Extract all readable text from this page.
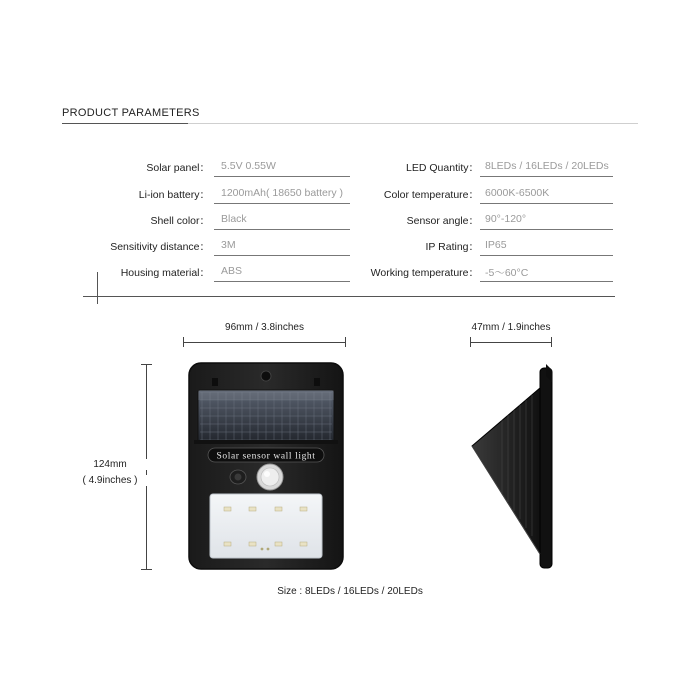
PRODUCT PARAMETERS
Solar panel： 5.5V 0.55W
Li-ion battery： 1200mAh( 18650 battery )
Shell color： Black
Sensitivity distance： 3M
Housing material： ABS
LED Quantity： 8LEDs / 16LEDs / 20LEDs
Color temperature： 6000K-6500K
Sensor angle： 90°-120°
IP Rating： IP65
Working temperature： -5～60°C
96mm / 3.8inches	47mm / 1.9inches
124mm
( 4.9inches )
Solar sensor wall light
Size : 8LEDs / 16LEDs / 20LEDs
